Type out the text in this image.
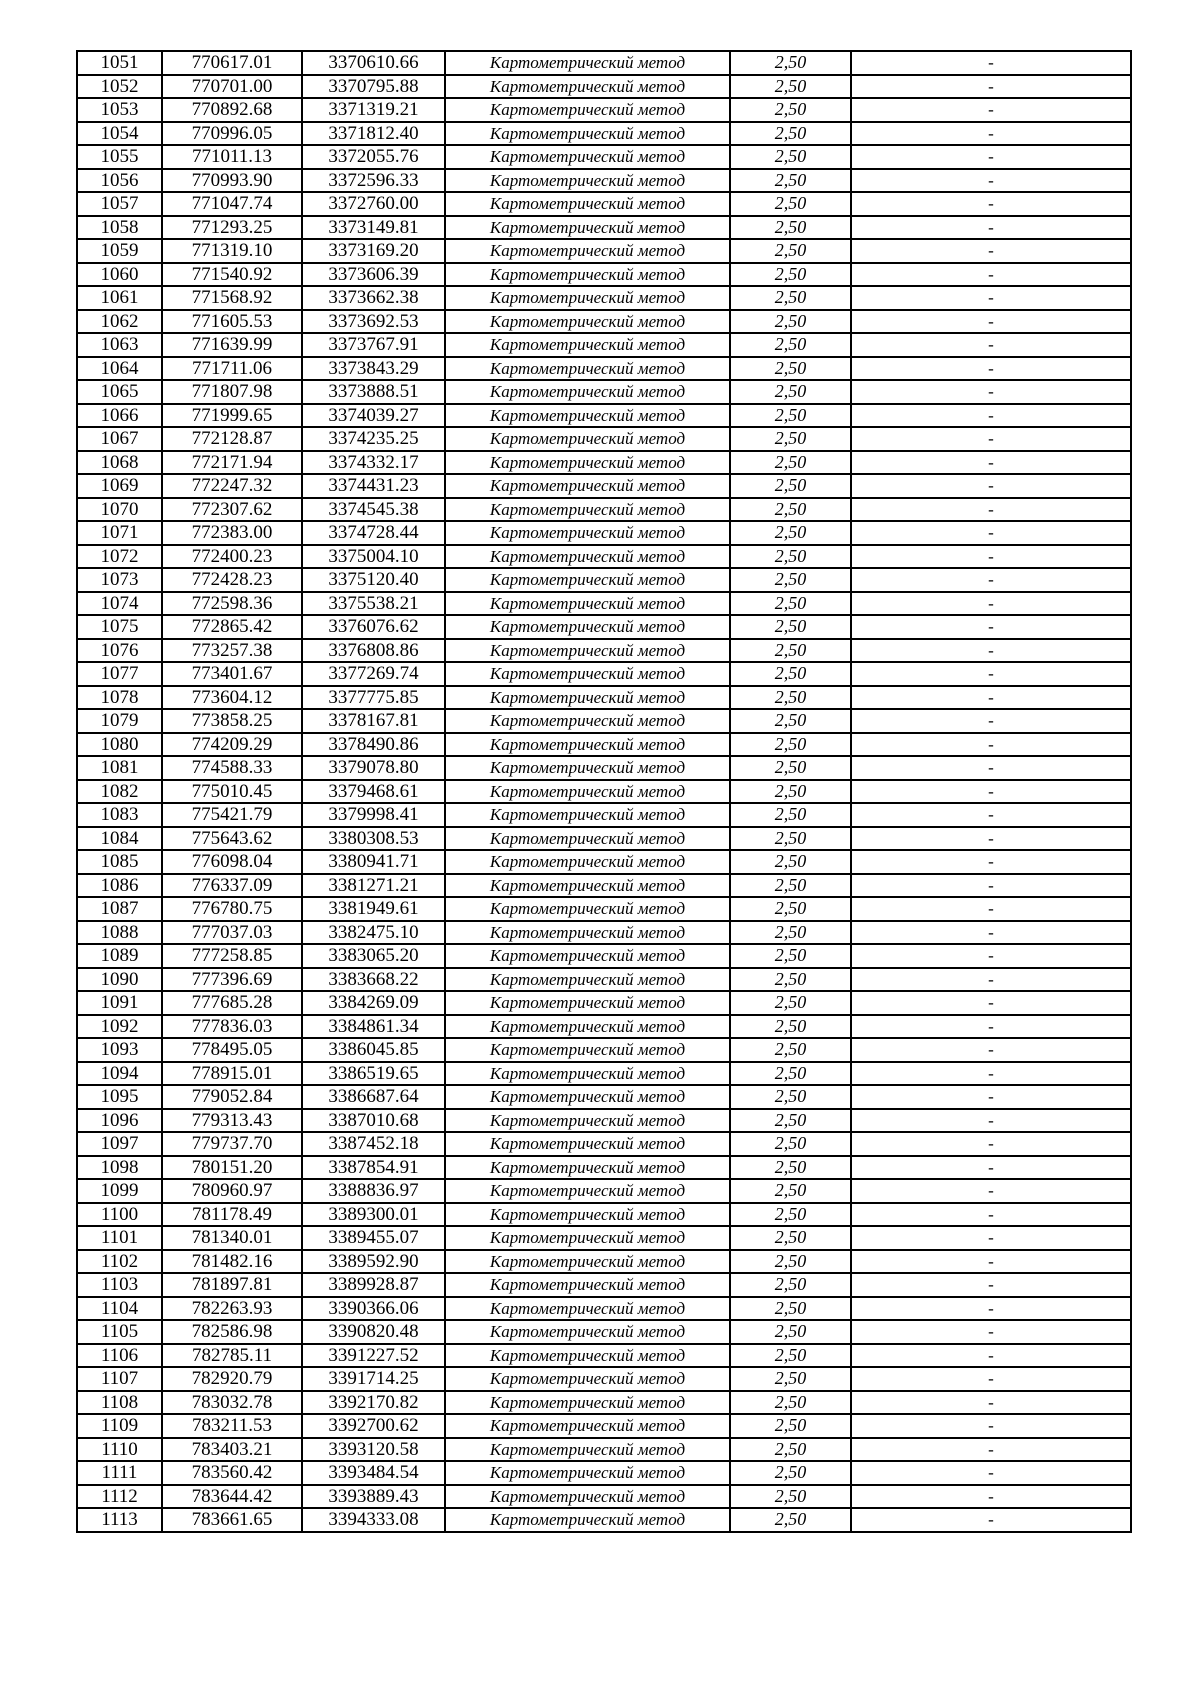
1051	770617.01	3370610.66	Картометрический метод	2,50	-
1052	770701.00	3370795.88	Картометрический метод	2,50	-
1053	770892.68	3371319.21	Картометрический метод	2,50	-
1054	770996.05	3371812.40	Картометрический метод	2,50	-
1055	771011.13	3372055.76	Картометрический метод	2,50	-
1056	770993.90	3372596.33	Картометрический метод	2,50	-
1057	771047.74	3372760.00	Картометрический метод	2,50	-
1058	771293.25	3373149.81	Картометрический метод	2,50	-
1059	771319.10	3373169.20	Картометрический метод	2,50	-
1060	771540.92	3373606.39	Картометрический метод	2,50	-
1061	771568.92	3373662.38	Картометрический метод	2,50	-
1062	771605.53	3373692.53	Картометрический метод	2,50	-
1063	771639.99	3373767.91	Картометрический метод	2,50	-
1064	771711.06	3373843.29	Картометрический метод	2,50	-
1065	771807.98	3373888.51	Картометрический метод	2,50	-
1066	771999.65	3374039.27	Картометрический метод	2,50	-
1067	772128.87	3374235.25	Картометрический метод	2,50	-
1068	772171.94	3374332.17	Картометрический метод	2,50	-
1069	772247.32	3374431.23	Картометрический метод	2,50	-
1070	772307.62	3374545.38	Картометрический метод	2,50	-
1071	772383.00	3374728.44	Картометрический метод	2,50	-
1072	772400.23	3375004.10	Картометрический метод	2,50	-
1073	772428.23	3375120.40	Картометрический метод	2,50	-
1074	772598.36	3375538.21	Картометрический метод	2,50	-
1075	772865.42	3376076.62	Картометрический метод	2,50	-
1076	773257.38	3376808.86	Картометрический метод	2,50	-
1077	773401.67	3377269.74	Картометрический метод	2,50	-
1078	773604.12	3377775.85	Картометрический метод	2,50	-
1079	773858.25	3378167.81	Картометрический метод	2,50	-
1080	774209.29	3378490.86	Картометрический метод	2,50	-
1081	774588.33	3379078.80	Картометрический метод	2,50	-
1082	775010.45	3379468.61	Картометрический метод	2,50	-
1083	775421.79	3379998.41	Картометрический метод	2,50	-
1084	775643.62	3380308.53	Картометрический метод	2,50	-
1085	776098.04	3380941.71	Картометрический метод	2,50	-
1086	776337.09	3381271.21	Картометрический метод	2,50	-
1087	776780.75	3381949.61	Картометрический метод	2,50	-
1088	777037.03	3382475.10	Картометрический метод	2,50	-
1089	777258.85	3383065.20	Картометрический метод	2,50	-
1090	777396.69	3383668.22	Картометрический метод	2,50	-
1091	777685.28	3384269.09	Картометрический метод	2,50	-
1092	777836.03	3384861.34	Картометрический метод	2,50	-
1093	778495.05	3386045.85	Картометрический метод	2,50	-
1094	778915.01	3386519.65	Картометрический метод	2,50	-
1095	779052.84	3386687.64	Картометрический метод	2,50	-
1096	779313.43	3387010.68	Картометрический метод	2,50	-
1097	779737.70	3387452.18	Картометрический метод	2,50	-
1098	780151.20	3387854.91	Картометрический метод	2,50	-
1099	780960.97	3388836.97	Картометрический метод	2,50	-
1100	781178.49	3389300.01	Картометрический метод	2,50	-
1101	781340.01	3389455.07	Картометрический метод	2,50	-
1102	781482.16	3389592.90	Картометрический метод	2,50	-
1103	781897.81	3389928.87	Картометрический метод	2,50	-
1104	782263.93	3390366.06	Картометрический метод	2,50	-
1105	782586.98	3390820.48	Картометрический метод	2,50	-
1106	782785.11	3391227.52	Картометрический метод	2,50	-
1107	782920.79	3391714.25	Картометрический метод	2,50	-
1108	783032.78	3392170.82	Картометрический метод	2,50	-
1109	783211.53	3392700.62	Картометрический метод	2,50	-
1110	783403.21	3393120.58	Картометрический метод	2,50	-
1111	783560.42	3393484.54	Картометрический метод	2,50	-
1112	783644.42	3393889.43	Картометрический метод	2,50	-
1113	783661.65	3394333.08	Картометрический метод	2,50	-
